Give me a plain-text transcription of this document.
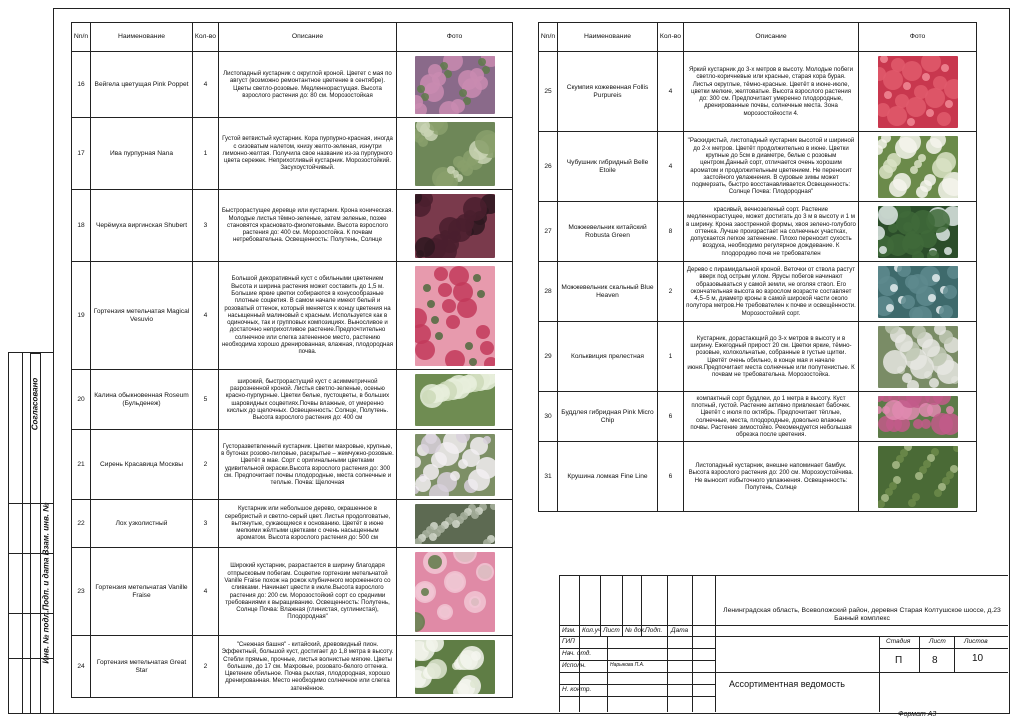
Согласовано
Взам. инв. №
Подп. и дата
Инв. № подл.
Nn/n	Наименование	Кол-во	Описание	Фото
16	Вейгела цветущая Pink Poppet	4	Листопадный кустарник с округлой кроной. Цветет с мая по август (возможно ремонтантное цветение в сентябре). Цветы светло-розовые. Медленнорастущая. Высота взрослого растения до: 80 см. Морозостойкая	

17	Ива пурпурная Nana	1	Густой ветвистый кустарник. Кора пурпурно-красная, иногда с сизоватым налетом, книзу желто-зеленая, изнутри лимонно-желтая. Получила свое название из-за пурпурного цвета сережек. Неприхотливый кустарник. Морозостойкий. Засухоустойчивый.	

18	Черёмуха виргинская Shubert	3	Быстрорастущее деревце или кустарник. Крона коническая. Молодые листья тёмно-зеленые, затем зеленые, позже становятся красновато-фиолетовыми. Высота взрослого растения до: 400 см. Морозостойка. К почвам нетребовательна. Освещенность: Полутень, Солнце	

19	Гортензия метельчатая Magical Vesuvio	4	Большой декоративный куст с обильными цветением Высота и ширина растения может составить до 1,5 м. Большие яркие цветки собираются в конусообразные плотные соцветия. В самом начале имеют белый и розоватый оттенок, который меняется к концу цветения на насыщенный малиновый с красным. Используется как в одиночных, так и групповых композициях. Выносливое и достаточно неприхотливое растение.Предпочтительно солнечное или слегка затененное место, растению необходима хорошо дренированная, влажная, плодородная почва.	

20	Калина обыкновенная Roseum (Бульденеж)	5	широкий, быстрорастущий куст с асимметричной разрозненной кроной. Листья светло-зеленые, осенью красно-пурпурные. Цветки белые, пустоцветы, в больших шаровидных соцветиях.Почвы влажные, от умеренно кислых до щелочных. Освещенность: Солнце, Полутень. Высота взрослого растения до: 400 см	

21	Сирень Красавица Москвы	2	Густоразветвленный кустарник. Цветки махровые, крупные, в бутонах розово-лиловые, раскрытые – жемчужно-розовые. Цветёт в мае. Сорт с оригинальными цветками удивительной окраски.Высота взрослого растения до: 300 см. Предпочитает почвы плодородные, места солнечные и теплые. Почва: Щелочная	

22	Лох узколистный	3	Кустарник или небольшое дерево, окрашенное в серебристый и светло-серый цвет. Листья продолговатые, вытянутые, сужающиеся к основанию. Цветёт в июне мелкими жёлтыми цветками с очень насыщенным ароматом. Высота взрослого растения до: 500 см	

23	Гортензия метельчатая Vanille Fraise	4	Широкий кустарник, разрастается в ширину благодаря отпрысковым побегам. Соцветие гортензии метельчатой Vanille Fraise похож на рожок клубничного мороженного со сливками. Начинает цвести в июле.Высота взрослого растения до: 200 см. Морозостойкий сорт со средними требованиями к выращиванию. Освещенность: Полутень, Солнце Почва: Влажная (глинистая, суглинистая), Плодородная"	

24	Гортензия метельчатая Great Star	2	"Снежная башня" - китайский, древовидный пион. Эффектный, большой куст, достигает до 1,8 метра в высоту. Стебли прямые, прочные, листья волнистые мягкие. Цветы большие, до 17 см. Махровые, розовато-белого оттенка. Цветение обильное. Почва рыхлая, плодородная, хорошо дренированная. Место необходимо солнечное или слегка затенённое.	
Nn/n	Наименование	Кол-во	Описание	Фото
25	Скумпия кожевенная Follis Purpureis	4	Яркий кустарник до 3-х метров в высоту. Молодые побеги светло-коричневые или красные, старая кора бурая. Листья округлые, тёмно-красные. Цветёт в июне-июле, цветки мелкие, желтоватые. Высота взрослого растения до: 300 см. Предпочитает умеренно плодородные, дренированные почвы, солнечные места. Зона морозостойкости 4.	

26	Чубушник гибридный Belle Etoile	4	"Раскидистый, листопадный кустарник высотой и шириной до 2-х метров. Цветёт продолжительно в июне. Цветки крупные до 5см в диаметре, белые с розовым центром.Данный сорт, отличается очень хорошим ароматом и продолжительным цветением. Не переносит застойного увлажнения. В суровые зимы может подмерзать, быстро восстанавливается.Освещенность: Солнце Почва: Плодородная"	

27	Можжевельник китайский Robusta Green	8	красивый, вечнозеленый сорт. Растение медленнорастущее, может достигать до 3 м в высоту и 1 м в ширину. Крона заостренной формы, хвоя зелено-голубого оттенка. Лучше произрастает на солнечных участках, допускается легкое затенение. Плохо переносит сухость воздуха, необходимо регулярное дождевание. К плодородию почв не требователен	

28	Можжевельник скальный Blue Heaven	2	Дерево с пирамидальной кроной. Веточки от ствола растут вверх под острым углом. Ярусы побегов начинают образовываться у самой земли, не оголяя ствол. Его окончательная высота во взрослом возрасте составляет 4,5–5 м, диаметр кроны в самой широкой части около полутора метров.Не требователен к почве и освещённости. Морозостойкий сорт.	

29	Кольквиция прелестная	1	Кустарник, дорастающий до 3-х метров в высоту и в ширину. Ежегодный прирост 20 см. Цветки яркие, тёмно-розовые, колокольчатые, собранные в густые щитки. Цветёт очень обильно, в конце мая и начале июня.Предпочитает места солнечные или полутенистые. К почвам не требовательна. Морозостойка.	

30	Буддлея гибридная Pink Micro Chip	6	компактный сорт буддлеи, до 1 метра в высоту. Куст плотный, густой. Растение активно привлекает бабочек. Цветёт с июля по октябрь. Предпочитает тёплые, солнечные, места, плодородные, довольно влажные почвы. Растение зимостойко. Рекомендуется небольшая обрезка после цветения.	

31	Крушина ломкая Fine Line	6	Листопадный кустарник, внешне напоминает бамбук. Высота взрослого растения до: 200 см. Морозоустойчива. Не выносит избыточного увлажнения. Освещенность: Полутень, Солнце	
Изм. Кол.уч Лист № док. Подп. Дата
ГИП
Нач. отд.
Исполн.	Нарыкова П.А.
Н. контр.
Ленинградская область, Всеволожский район, деревня Старая Колтушское шоссе, д.23 Банный комплекс
Ассортиментная ведомость
Стадия	Лист	Листов
П	8	10
Формат А3
